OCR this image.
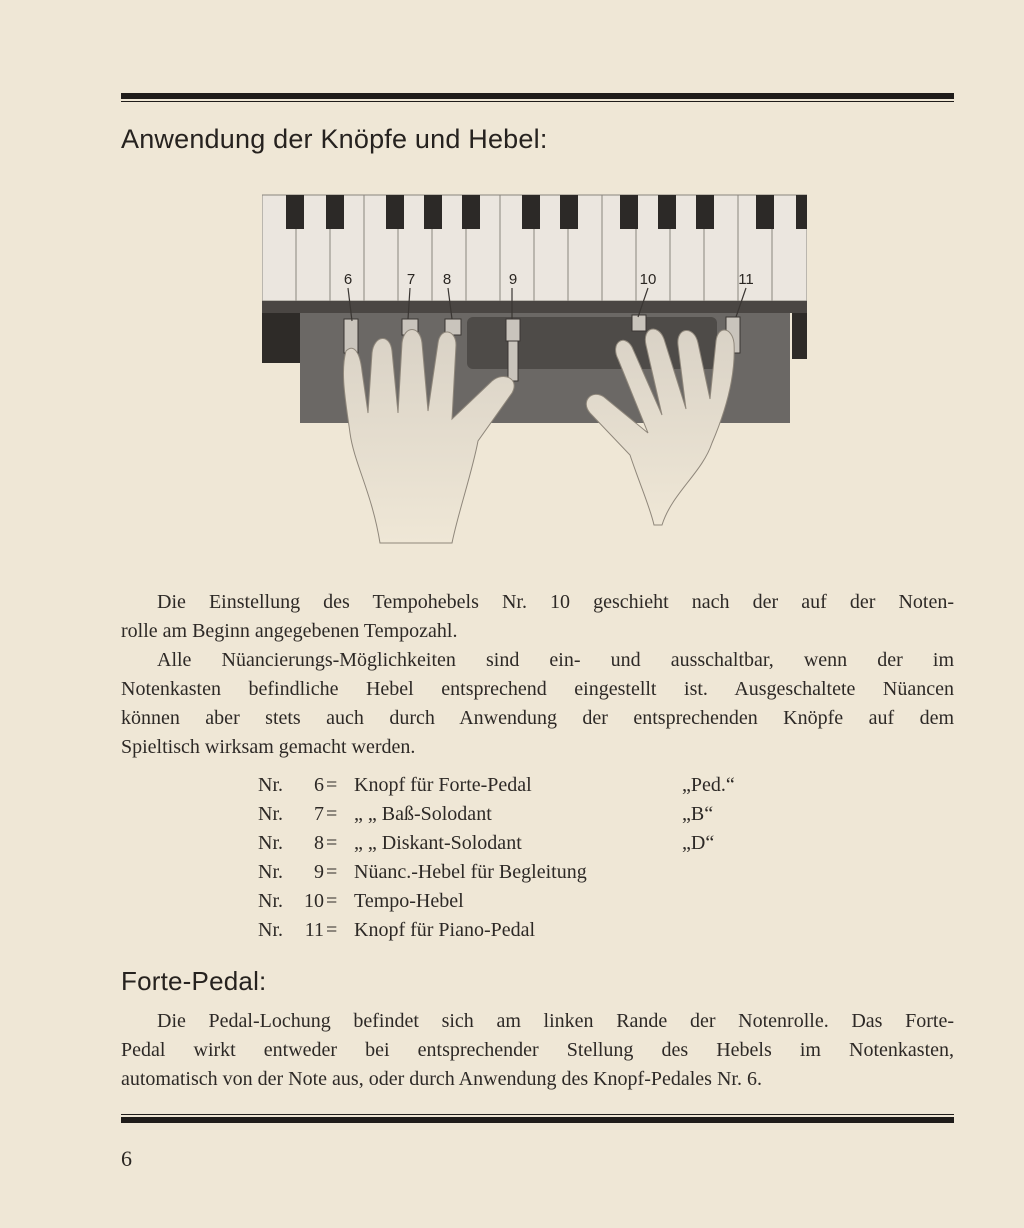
Anwendung der Knöpfe und Hebel:
6	7 8	9	10	11
Die Einstellung des Tempohebels Nr. 10 geschieht nach der auf der Noten-
rolle am Beginn angegebenen Tempozahl.
Alle Nüancierungs-Möglichkeiten sind ein- und ausschaltbar, wenn der im
Notenkasten befindliche Hebel entsprechend eingestellt ist. Ausgeschaltete Nüancen
können aber stets auch durch Anwendung der entsprechenden Knöpfe auf dem
Spieltisch wirksam gemacht werden.
Nr.	6 = Knopf für Forte-Pedal	„Ped.“
Nr.	7 = „ „ Baß-Solodant	„B“
Nr.	8 = „ „ Diskant-Solodant	„D“
Nr.	9 = Nüanc.-Hebel für Begleitung
Nr.	10 = Tempo-Hebel
Nr.	11 = Knopf für Piano-Pedal
Forte-Pedal:
Die Pedal-Lochung befindet sich am linken Rande der Notenrolle. Das Forte-
Pedal wirkt entweder bei entsprechender Stellung des Hebels im Notenkasten,
automatisch von der Note aus, oder durch Anwendung des Knopf-Pedales Nr. 6.
6
